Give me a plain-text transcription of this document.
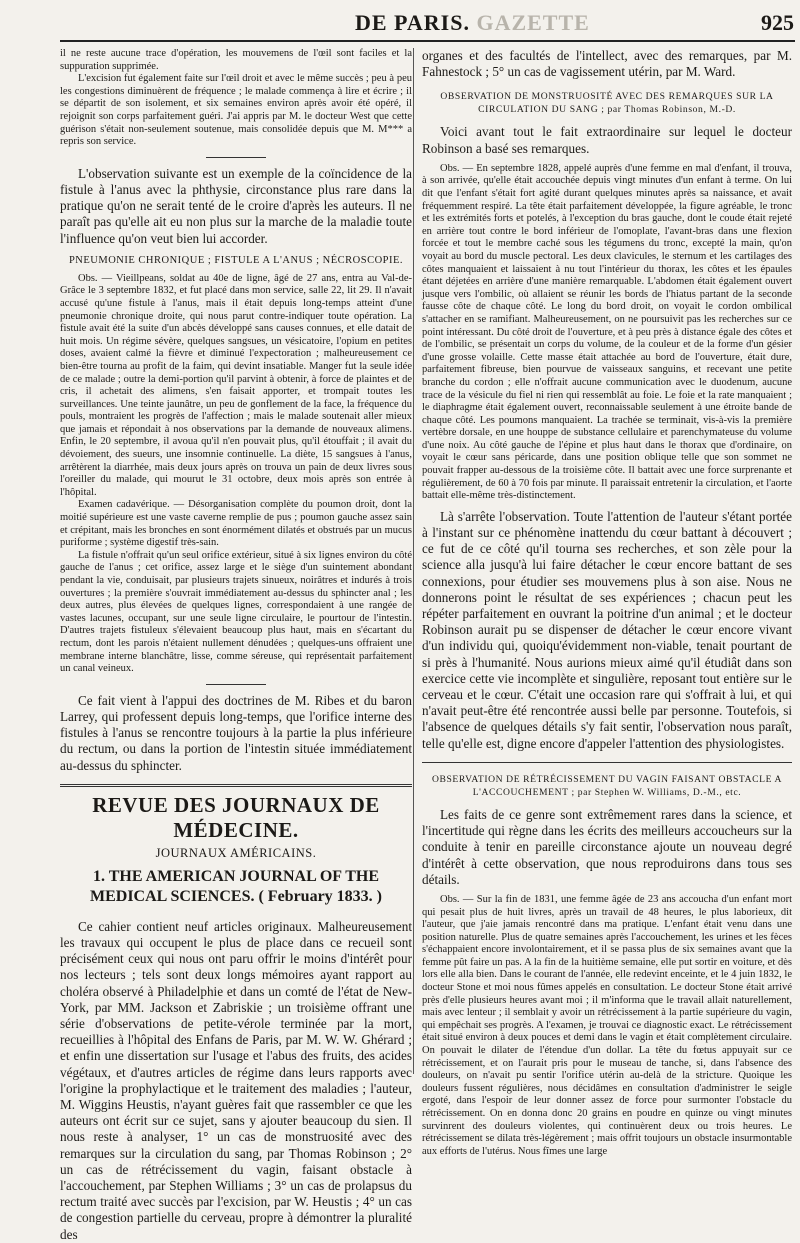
DE PARIS. GAZETTE	925

il ne reste aucune trace d'opération, les mouvemens de l'œil sont faciles et la suppuration supprimée.

L'excision fut également faite sur l'œil droit et avec le même succès ; peu à peu les congestions diminuèrent de fréquence ; le malade commença à lire et écrire ; il se départit de son isolement, et six semaines environ après avoir été opéré, il rejoignit son corps parfaitement guéri. J'ai appris par M. le docteur West que cette guérison s'était non-seulement soutenue, mais consolidée depuis que M. M*** a repris son service.

L'observation suivante est un exemple de la coïncidence de la fistule à l'anus avec la phthysie, circonstance plus rare dans la pratique qu'on ne serait tenté de le croire d'après les auteurs. Il ne paraît pas qu'elle ait eu non plus sur la marche de la maladie toute l'influence qu'on veut bien lui accorder.

PNEUMONIE CHRONIQUE ; FISTULE A L'ANUS ; NÉCROSCOPIE.

Obs. — Vieillpeans, soldat au 40e de ligne, âgé de 27 ans, entra au Val-de-Grâce le 3 septembre 1832, et fut placé dans mon service, salle 22, lit 29. Il n'avait accusé qu'une fistule à l'anus, mais il était depuis long-temps atteint d'une pneumonie chronique droite, qui nous parut contre-indiquer toute opération. La fistule avait été la suite d'un abcès développé sans causes connues, et elle datait de huit mois. Un régime sévère, quelques sangsues, un vésicatoire, l'opium en petites doses, avaient calmé la fièvre et diminué l'expectoration ; malheureusement ce bien-être tourna au profit de la faim, qui devint insatiable. Manger fut la seule idée de ce malade ; outre la demi-portion qu'il parvint à obtenir, à force de plaintes et de cris, il achetait des alimens, s'en faisait apporter, et trompait toutes les surveillances. Une teinte jaunâtre, un peu de gonflement de la face, la fréquence du pouls, montraient les progrès de l'affection ; mais le malade soutenait aller mieux que jamais et répondait à nos observations par la demande de nouveaux alimens. Enfin, le 20 septembre, il avoua qu'il n'en pouvait plus, qu'il étouffait ; il avait du dévoiement, des sueurs, une insomnie continuelle. La diète, 15 sangsues à l'anus, arrêtèrent la diarrhée, mais deux jours après on trouva un pain de deux livres sous l'oreiller du malade, qui mourut le 31 octobre, deux mois après son entrée à l'hôpital.

Examen cadavérique. — Désorganisation complète du poumon droit, dont la moitié supérieure est une vaste caverne remplie de pus ; poumon gauche assez sain et crépitant, mais les bronches en sont énormément dilatés et obstrués par un mucus puriforme ; système digestif très-sain.

La fistule n'offrait qu'un seul orifice extérieur, situé à six lignes environ du côté gauche de l'anus ; cet orifice, assez large et le siège d'un suintement abondant pendant la vie, conduisait, par plusieurs trajets sinueux, noirâtres et indurés à trois ouvertures ; la première s'ouvrait immédiatement au-dessus du sphincter anal ; les deux autres, plus élevées de quelques lignes, correspondaient à une rangée de vastes lacunes, occupant, sur une seule ligne circulaire, le pourtour de l'intestin. D'autres trajets fistuleux s'élevaient beaucoup plus haut, mais en s'écartant du rectum, dont les parois n'étaient nullement dénudées ; quelques-uns offraient une membrane interne blanchâtre, lisse, comme séreuse, qui représentait parfaitement un canal veineux.

Ce fait vient à l'appui des doctrines de M. Ribes et du baron Larrey, qui professent depuis long-temps, que l'orifice interne des fistules à l'anus se rencontre toujours à la partie la plus inférieure du rectum, ou dans la portion de l'intestin située immédiatement au-dessus du sphincter.

REVUE DES JOURNAUX DE MÉDECINE.
JOURNAUX AMÉRICAINS.
1. THE AMERICAN JOURNAL OF THE MEDICAL SCIENCES. ( February 1833. )

Ce cahier contient neuf articles originaux. Malheureusement les travaux qui occupent le plus de place dans ce recueil sont précisément ceux qui nous ont paru offrir le moins d'intérêt pour nos lecteurs ; tels sont deux longs mémoires ayant rapport au choléra observé à Philadelphie et dans un comté de l'état de New-York, par MM. Jackson et Zabriskie ; un troisième offrant une série d'observations de petite-vérole terminée par la mort, recueillies à l'hôpital des Enfans de Paris, par M. W. W. Ghérard ; et enfin une dissertation sur l'usage et l'abus des fruits, des acides végétaux, et d'autres articles de régime dans leurs rapports avec l'origine la prophylactique et le traitement des maladies ; l'auteur, M. Wiggins Heustis, n'ayant guères fait que rassembler ce que les auteurs ont écrit sur ce sujet, sans y ajouter beaucoup du sien. Il nous reste à analyser, 1° un cas de monstruosité avec des remarques sur la circulation du sang, par Thomas Robinson ; 2° un cas de rétrécissement du vagin, faisant obstacle à l'accouchement, par Stephen Williams ; 3° un cas de prolapsus du rectum traité avec succès par l'excision, par W. Heustis ; 4° un cas de congestion partielle du cerveau, propre à démontrer la pluralité des

organes et des facultés de l'intellect, avec des remarques, par M. Fahnestock ; 5° un cas de vagissement utérin, par M. Ward.

OBSERVATION DE MONSTRUOSITÉ AVEC DES REMARQUES SUR LA CIRCULATION DU SANG ; par Thomas Robinson, M.-D.

Voici avant tout le fait extraordinaire sur lequel le docteur Robinson a basé ses remarques.

Obs. — En septembre 1828, appelé auprès d'une femme en mal d'enfant, il trouva, à son arrivée, qu'elle était accouchée depuis vingt minutes d'un enfant à terme. On lui dit que l'enfant s'était fort agité durant quelques minutes après sa naissance, et avait fréquemment respiré. La tête était parfaitement développée, la figure agréable, le tronc et les extrémités forts et potelés, à l'exception du bras gauche, dont le coude était rejeté en arrière tout contre le bord inférieur de l'omoplate, l'avant-bras dans une flexion forcée et tout le membre caché sous les tégumens du tronc, excepté la main, qu'on voyait au bord du muscle pectoral. Les deux clavicules, le sternum et les cartilages des côtes manquaient et laissaient à nu tout l'intérieur du thorax, les côtes et les épaules étant déjetées en arrière d'une manière remarquable. L'abdomen était également ouvert jusque vers l'ombilic, où allaient se réunir les bords de l'hiatus partant de la seconde fausse côte de chaque côté. Le long du bord droit, on voyait le cordon ombilical s'attacher en se ramifiant. Malheureusement, on ne poursuivit pas les recherches sur ce point intéressant. Du côté droit de l'ouverture, et à peu près à distance égale des côtes et de l'ombilic, se présentait un corps du volume, de la couleur et de la forme d'un gésier d'une grosse volaille. Cette masse était attachée au bord de l'ouverture, était dure, parfaitement fibreuse, bien pourvue de vaisseaux sanguins, et recevant une petite branche du cordon ; elle n'offrait aucune communication avec le duodenum, aucune trace de la vésicule du fiel ni rien qui ressemblât au foie. Le foie et la rate manquaient ; le diaphragme était également ouvert, reconnaissable seulement à une étroite bande de chaque côté. Les poumons manquaient. La trachée se terminait, vis-à-vis la première vertèbre dorsale, en une houppe de substance cellulaire et parenchymateuse du volume d'une noix. Au côté gauche de l'épine et plus haut dans le thorax que d'ordinaire, on voyait le cœur sans péricarde, dans une position oblique telle que son sommet ne pouvait frapper au-dessous de la troisième côte. Il battait avec une force surprenante et régulièrement, de 60 à 70 fois par minute. Il paraissait entretenir la circulation, et l'aorte battait elle-même très-distinctement.

Là s'arrête l'observation. Toute l'attention de l'auteur s'étant portée à l'instant sur ce phénomène inattendu du cœur battant à découvert ; ce fut de ce côté qu'il tourna ses recherches, et son zèle pour la science alla jusqu'à lui faire détacher le cœur encore battant de ses connexions, pour étudier ses mouvemens plus à son aise. Nous ne donnerons point le résultat de ses expériences ; chacun peut les répéter parfaitement en ouvrant la poitrine d'un animal ; et le docteur Robinson aurait pu se dispenser de détacher le cœur encore vivant d'un individu qui, quoiqu'évidemment non-viable, tenait pourtant de si près à l'humanité. Nous aurions mieux aimé qu'il étudiât dans son exercice cette vie incomplète et singulière, reposant tout entière sur le cerveau et le cœur. C'était une occasion rare qui s'offrait à lui, et qui n'avait peut-être été rencontrée aussi belle par personne. Toutefois, si l'absence de quelques détails s'y fait sentir, l'observation nous paraît, telle qu'elle est, digne encore d'appeler l'attention des physiologistes.

OBSERVATION DE RÉTRÉCISSEMENT DU VAGIN FAISANT OBSTACLE A L'ACCOUCHEMENT ; par Stephen W. Williams, D.-M., etc.

Les faits de ce genre sont extrêmement rares dans la science, et l'incertitude qui règne dans les écrits des meilleurs accoucheurs sur la conduite à tenir en pareille circonstance ajoute un nouveau degré d'intérêt à cette observation, que nous reproduirons dans tous ses détails.

Obs. — Sur la fin de 1831, une femme âgée de 23 ans accoucha d'un enfant mort qui pesait plus de huit livres, après un travail de 48 heures, le plus laborieux, dit l'auteur, que j'aie jamais rencontré dans ma pratique. L'enfant était venu dans une position naturelle. Plus de quatre semaines après l'accouchement, les urines et les fèces s'échappaient encore involontairement, et il se passa plus de six semaines avant que la femme pût faire un pas. A la fin de la huitième semaine, elle put sortir en voiture, et dès lors elle alla bien. Dans le courant de l'année, elle redevint enceinte, et le 4 juin 1832, le docteur Stone et moi nous fûmes appelés en consultation. Le docteur Stone était arrivé près d'elle plusieurs heures avant moi ; il m'informa que le travail allait naturellement, mais avec lenteur ; il semblait y avoir un rétrécissement à la partie supérieure du vagin, qui empêchait ses progrès. A l'examen, je trouvai ce diagnostic exact. Le rétrécissement était situé environ à deux pouces et demi dans le vagin et était complètement circulaire. On pouvait le dilater de l'étendue d'un dollar. La tête du fœtus appuyait sur ce rétrécissement, et on l'aurait pris pour le museau de tanche, si, dans l'absence des douleurs, on n'avait pu sentir l'orifice utérin au-delà de la stricture. Quoique les douleurs fussent régulières, nous décidâmes en consultation d'administrer le seigle ergoté, dans l'espoir de leur donner assez de force pour surmonter l'obstacle du rétrécissement. On en donna donc 20 grains en poudre en quinze ou vingt minutes survinrent des douleurs violentes, qui continuèrent deux ou trois heures. Le rétrécissement se dilata très-légèrement ; mais offrit toujours un obstacle insurmontable aux efforts de l'utérus. Nous fîmes une large
